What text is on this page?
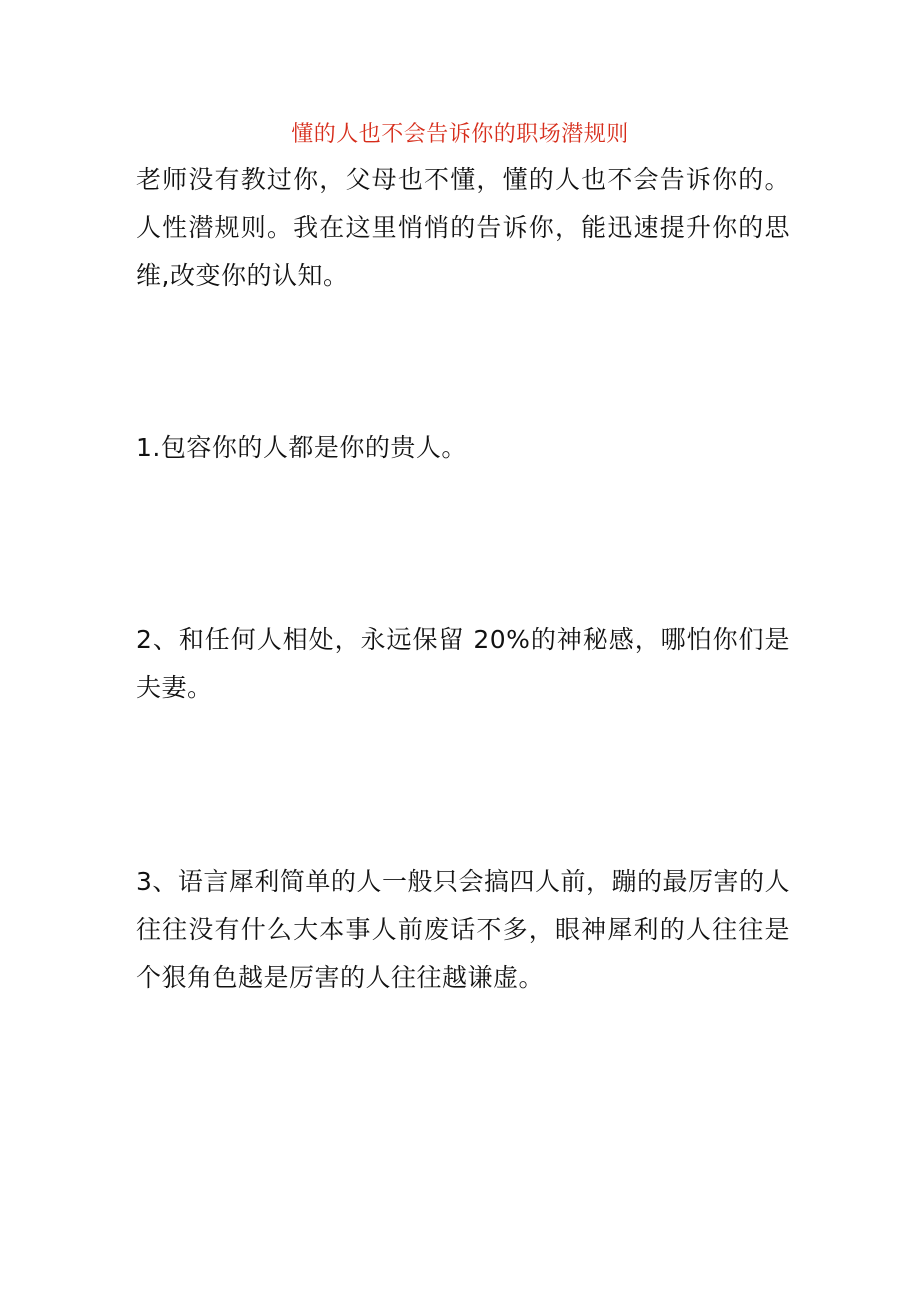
懂的人也不会告诉你的职场潜规则

老师没有教过你，父母也不懂，懂的人也不会告诉你的。人性潜规则。我在这里悄悄的告诉你，能迅速提升你的思维,改变你的认知。

1.包容你的人都是你的贵人。

2、和任何人相处，永远保留 20%的神秘感，哪怕你们是夫妻。

3、语言犀利简单的人一般只会搞四人前，蹦的最厉害的人往往没有什么大本事人前废话不多，眼神犀利的人往往是个狠角色越是厉害的人往往越谦虚。
